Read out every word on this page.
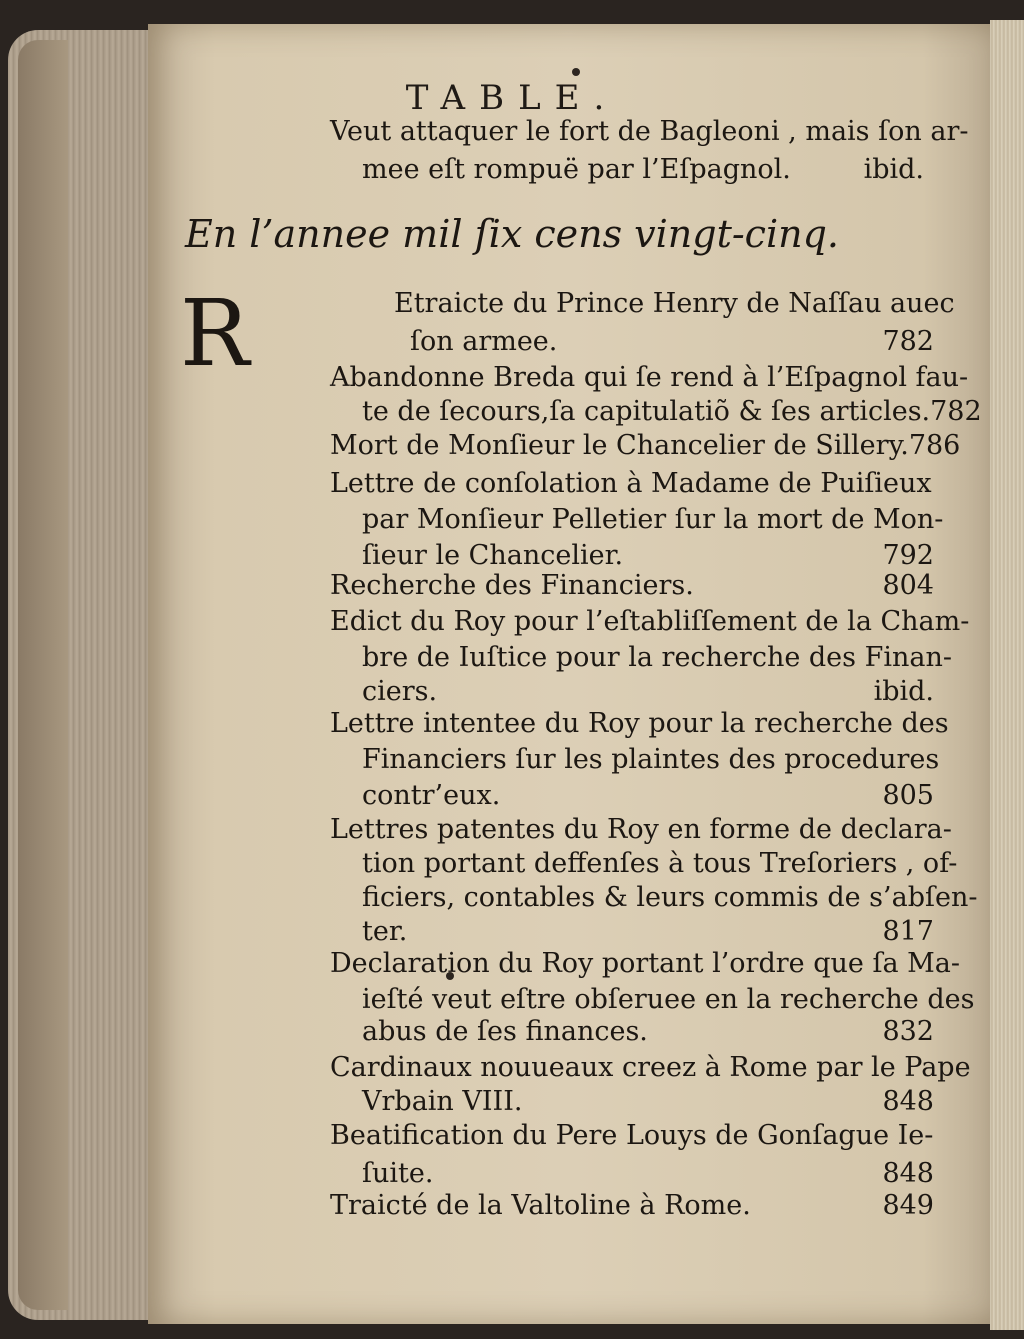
TABLE.
Veut attaquer le fort de Bagleoni , mais ſon ar-
mee eſt rompuë par l’Eſpagnol.	ibid.
En l’annee mil ſix cens vingt-cinq.
R	Etraicte du Prince Henry de Naſſau auec
ſon armee.	782
Abandonne Breda qui ſe rend à l’Eſpagnol fau-
te de ſecours,ſa capitulatiõ & ſes articles.782
Mort de Monſieur le Chancelier de Sillery.786
Lettre de conſolation à Madame de Puiſieux
par Monſieur Pelletier ſur la mort de Mon-
ſieur le Chancelier.	792
Recherche des Financiers.	804
Edict du Roy pour l’eſtabliſſement de la Cham-
bre de Iuſtice pour la recherche des Finan-
ciers.	ibid.
Lettre intentee du Roy pour la recherche des
Financiers ſur les plaintes des procedures
contr’eux.	805
Lettres patentes du Roy en forme de declara-
tion portant deffenſes à tous Treſoriers , of-
ficiers, contables & leurs commis de s’abſen-
ter.	817
Declaration du Roy portant l’ordre que ſa Ma-
ieſté veut eſtre obſeruee en la recherche des
abus de ſes finances.	832
Cardinaux nouueaux creez à Rome par le Pape
Vrbain VIII.	848
Beatification du Pere Louys de Gonſague Ie-
ſuite.	848
Traicté de la Valtoline à Rome.	849
